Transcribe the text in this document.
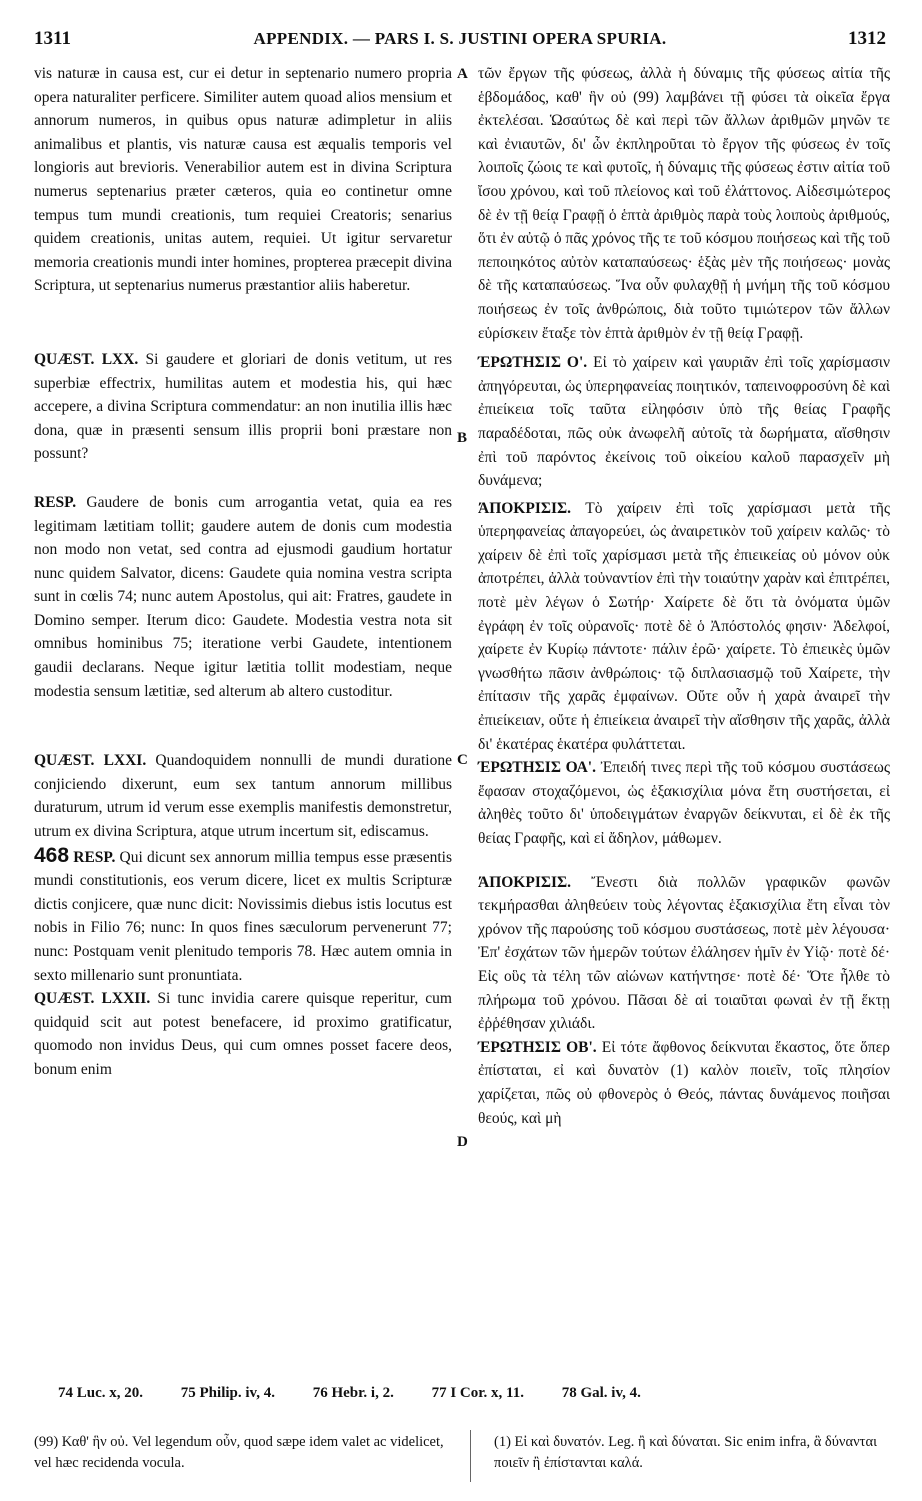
1311	APPENDIX. — PARS I. S. JUSTINI OPERA SPURIA.	1312

vis naturæ in causa est, cur ei detur in septenario numero propria opera naturaliter perficere. Similiter autem quoad alios mensium et annorum numeros, in quibus opus naturæ adimpletur in aliis animalibus et plantis, vis naturæ causa est æqualis temporis vel longioris aut brevioris. Venerabilior autem est in divina Scriptura numerus septenarius præter cæteros, quia eo continetur omne tempus tum mundi creationis, tum requiei Creatoris; senarius quidem creationis, unitas autem, requiei. Ut igitur servaretur memoria creationis mundi inter homines, propterea præcepit divina Scriptura, ut septenarius numerus præstantior aliis haberetur.

QUÆST. LXX. Si gaudere et gloriari de donis vetitum, ut res superbiæ effectrix, humilitas autem et modestia his, qui hæc accepere, a divina Scriptura commendatur: an non inutilia illis hæc dona, quæ in præsenti sensum illis proprii boni præstare non possunt?

RESP. Gaudere de bonis cum arrogantia vetat, quia ea res legitimam lætitiam tollit; gaudere autem de donis cum modestia non modo non vetat, sed contra ad ejusmodi gaudium hortatur nunc quidem Salvator, dicens: Gaudete quia nomina vestra scripta sunt in cœlis 74; nunc autem Apostolus, qui ait: Fratres, gaudete in Domino semper. Iterum dico: Gaudete. Modestia vestra nota sit omnibus hominibus 75; iteratione verbi Gaudete, intentionem gaudii declarans. Neque igitur lætitia tollit modestiam, neque modestia sensum lætitiæ, sed alterum ab altero custoditur.

QUÆST. LXXI. Quandoquidem nonnulli de mundi duratione conjiciendo dixerunt, eum sex tantum annorum millibus duraturum, utrum id verum esse exemplis manifestis demonstretur, utrum ex divina Scriptura, atque utrum incertum sit, ediscamus.

468 RESP. Qui dicunt sex annorum millia tempus esse præsentis mundi constitutionis, eos verum dicere, licet ex multis Scripturæ dictis conjicere, quæ nunc dicit: Novissimis diebus istis locutus est nobis in Filio 76; nunc: In quos fines sæculorum pervenerunt 77; nunc: Postquam venit plenitudo temporis 78. Hæc autem omnia in sexto millenario sunt pronuntiata.

QUÆST. LXXII. Si tunc invidia carere quisque reperitur, cum quidquid scit aut potest benefacere, id proximo gratificatur, quomodo non invidus Deus, qui cum omnes posset facere deos, bonum enim

A
B
C
D

τῶν ἔργων τῆς φύσεως, ἀλλὰ ἡ δύναμις τῆς φύσεως αἰτία τῆς ἑβδομάδος, καθ' ἣν οὐ (99) λαμβάνει τῇ φύσει τὰ οἰκεῖα ἔργα ἐκτελέσαι. Ὡσαύτως δὲ καὶ περὶ τῶν ἄλλων ἀριθμῶν μηνῶν τε καὶ ἐνιαυτῶν, δι' ὧν ἐκπληροῦται τὸ ἔργον τῆς φύσεως ἐν τοῖς λοιποῖς ζώοις τε καὶ φυτοῖς, ἡ δύναμις τῆς φύσεως ἐστιν αἰτία τοῦ ἴσου χρόνου, καὶ τοῦ πλείονος καὶ τοῦ ἐλάττονος. Αἰδεσιμώτερος δὲ ἐν τῇ θείᾳ Γραφῇ ὁ ἑπτὰ ἀριθμὸς παρὰ τοὺς λοιποὺς ἀριθμούς, ὅτι ἐν αὐτῷ ὁ πᾶς χρόνος τῆς τε τοῦ κόσμου ποιήσεως καὶ τῆς τοῦ πεποιηκότος αὐτὸν καταπαύσεως· ἑξὰς μὲν τῆς ποιήσεως· μονὰς δὲ τῆς καταπαύσεως. Ἵνα οὖν φυλαχθῇ ἡ μνήμη τῆς τοῦ κόσμου ποιήσεως ἐν τοῖς ἀνθρώποις, διὰ τοῦτο τιμιώτερον τῶν ἄλλων εὑρίσκειν ἔταξε τὸν ἑπτὰ ἀριθμὸν ἐν τῇ θείᾳ Γραφῇ.

ΈΡΩΤΗΣΙΣ Ο'. Εἰ τὸ χαίρειν καὶ γαυριᾶν ἐπὶ τοῖς χαρίσμασιν ἀπηγόρευται, ὡς ὑπερηφανείας ποιητικόν, ταπεινοφροσύνη δὲ καὶ ἐπιείκεια τοῖς ταῦτα εἰληφόσιν ὑπὸ τῆς θείας Γραφῆς παραδέδοται, πῶς οὐκ ἀνωφελῆ αὐτοῖς τὰ δωρήματα, αἴσθησιν ἐπὶ τοῦ παρόντος ἐκείνοις τοῦ οἰκείου καλοῦ παρασχεῖν μὴ δυνάμενα;

ΆΠΟΚΡΙΣΙΣ. Τὸ χαίρειν ἐπὶ τοῖς χαρίσμασι μετὰ τῆς ὑπερηφανείας ἀπαγορεύει, ὡς ἀναιρετικὸν τοῦ χαίρειν καλῶς· τὸ χαίρειν δὲ ἐπὶ τοῖς χαρίσμασι μετὰ τῆς ἐπιεικείας οὐ μόνον οὐκ ἀποτρέπει, ἀλλὰ τοὐναντίον ἐπὶ τὴν τοιαύτην χαρὰν καὶ ἐπιτρέπει, ποτὲ μὲν λέγων ὁ Σωτήρ· Χαίρετε δὲ ὅτι τὰ ὀνόματα ὑμῶν ἐγράφη ἐν τοῖς οὐρανοῖς· ποτὲ δὲ ὁ Ἀπόστολός φησιν· Ἀδελφοί, χαίρετε ἐν Κυρίῳ πάντοτε· πάλιν ἐρῶ· χαίρετε. Τὸ ἐπιεικὲς ὑμῶν γνωσθήτω πᾶσιν ἀνθρώποις· τῷ διπλασιασμῷ τοῦ Χαίρετε, τὴν ἐπίτασιν τῆς χαρᾶς ἐμφαίνων. Οὔτε οὖν ἡ χαρὰ ἀναιρεῖ τὴν ἐπιείκειαν, οὔτε ἡ ἐπιείκεια ἀναιρεῖ τὴν αἴσθησιν τῆς χαρᾶς, ἀλλὰ δι' ἑκατέρας ἑκατέρα φυλάττεται.

ΈΡΩΤΗΣΙΣ ΟΑ'. Ἐπειδή τινες περὶ τῆς τοῦ κόσμου συστάσεως ἔφασαν στοχαζόμενοι, ὡς ἑξακισχίλια μόνα ἔτη συστήσεται, εἰ ἀληθὲς τοῦτο δι' ὑποδειγμάτων ἐναργῶν δείκνυται, εἰ δὲ ἐκ τῆς θείας Γραφῆς, καὶ εἰ ἄδηλον, μάθωμεν.

ΆΠΟΚΡΙΣΙΣ. Ἔνεστι διὰ πολλῶν γραφικῶν φωνῶν τεκμήρασθαι ἀληθεύειν τοὺς λέγοντας ἑξακισχίλια ἔτη εἶναι τὸν χρόνον τῆς παρούσης τοῦ κόσμου συστάσεως, ποτὲ μὲν λέγουσα· Ἐπ' ἐσχάτων τῶν ἡμερῶν τούτων ἐλάλησεν ἡμῖν ἐν Υἱῷ· ποτὲ δέ· Εἰς οὓς τὰ τέλη τῶν αἰώνων κατήντησε· ποτὲ δέ· Ὅτε ἦλθε τὸ πλήρωμα τοῦ χρόνου. Πᾶσαι δὲ αἱ τοιαῦται φωναὶ ἐν τῇ ἕκτῃ ἐῤῥέθησαν χιλιάδι.

ΈΡΩΤΗΣΙΣ ΟΒ'. Εἰ τότε ἄφθονος δείκνυται ἕκαστος, ὅτε ὅπερ ἐπίσταται, εἰ καὶ δυνατὸν (1) καλὸν ποιεῖν, τοῖς πλησίον χαρίζεται, πῶς οὐ φθονερὸς ὁ Θεός, πάντας δυνάμενος ποιῆσαι θεούς, καὶ μὴ

74 Luc. x, 20.	75 Philip. iv, 4.	76 Hebr. i, 2.	77 I Cor. x, 11.	78 Gal. iv, 4.
(99) Καθ' ἣν οὐ. Vel legendum οὖν, quod sæpe idem valet ac videlicet, vel hæc recidenda vocula.
(1) Εἰ καὶ δυνατόν. Leg. ἢ καὶ δύναται. Sic enim infra, ἃ δύνανται ποιεῖν ἢ ἐπίστανται καλά.
